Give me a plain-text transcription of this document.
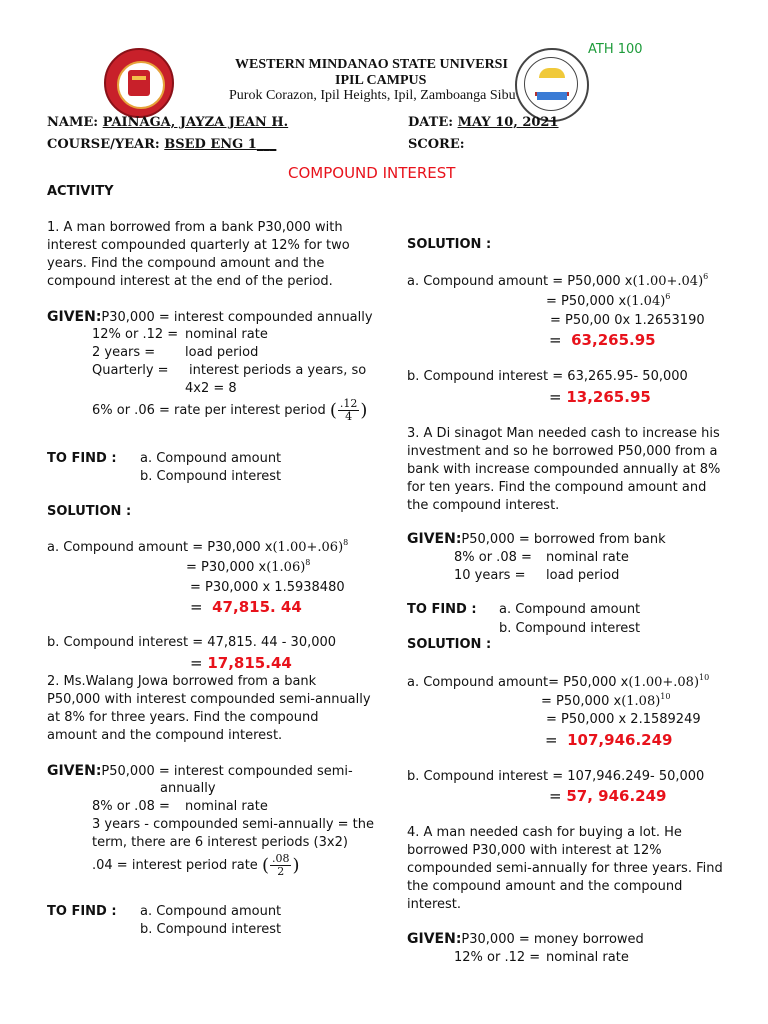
ATH 100
WESTERN MINDANAO STATE UNIVERSI
IPIL CAMPUS
Purok Corazon, Ipil Heights, Ipil, Zamboanga Sibu
NAME: PAINAGA, JAYZA JEAN H.	DATE: MAY 10, 2021
COURSE/YEAR: BSED ENG 1___	SCORE:
COMPOUND INTEREST
ACTIVITY
1. A man borrowed from a bank P30,000 with
interest compounded quarterly at 12% for two
years. Find the compound amount and the
compound interest at the end of the period.
GIVEN:P30,000 = interest compounded annually
12% or .12 = nominal rate
2 years = load period
Quarterly = interest periods a years, so
4x2 = 8
6% or .06 = rate per interest period ( $\frac{.12}{4}$ )
TO FIND : a. Compound amount
b. Compound interest
SOLUTION :
a. Compound amount = P30,000 $x(1.00+.06)^8$
= P30,000 $x(1.06)^8$
= P30,000 x 1.5938480
= 47,815. 44
b. Compound interest = 47,815. 44 - 30,000
= 17,815.44
2. Ms.Walang Jowa borrowed from a bank
P50,000 with interest compounded semi-annually
at 8% for three years. Find the compound
amount and the compound interest.
GIVEN:P50,000 = interest compounded semi-
annually
8% or .08 = nominal rate
3 years - compounded semi-annually = the
term, there are 6 interest periods (3x2)
.04 = interest period rate ( $\frac{.08}{2}$ )
TO FIND : a. Compound amount
b. Compound interest
SOLUTION :
a. Compound amount = P50,000 $x(1.00+.04)^6$
= P50,000 $x(1.04)^6$
= P50,00 0x 1.2653190
= 63,265.95
b. Compound interest = 63,265.95- 50,000
= 13,265.95
3. A Di sinagot Man needed cash to increase his
investment and so he borrowed P50,000 from a
bank with increase compounded annually at 8%
for ten years. Find the compound amount and
the compound interest.
GIVEN:P50,000 = borrowed from bank
8% or .08 = nominal rate
10 years = load period
TO FIND : a. Compound amount
b. Compound interest
SOLUTION :
a. Compound amount= P50,000 $x(1.00+.08)^{10}$
= P50,000 $x(1.08)^{10}$
= P50,000 x 2.1589249
= 107,946.249
b. Compound interest = 107,946.249- 50,000
= 57, 946.249
4. A man needed cash for buying a lot. He
borrowed P30,000 with interest at 12%
compounded semi-annually for three years. Find
the compound amount and the compound
interest.
GIVEN:P30,000 = money borrowed
12% or .12 = nominal rate
